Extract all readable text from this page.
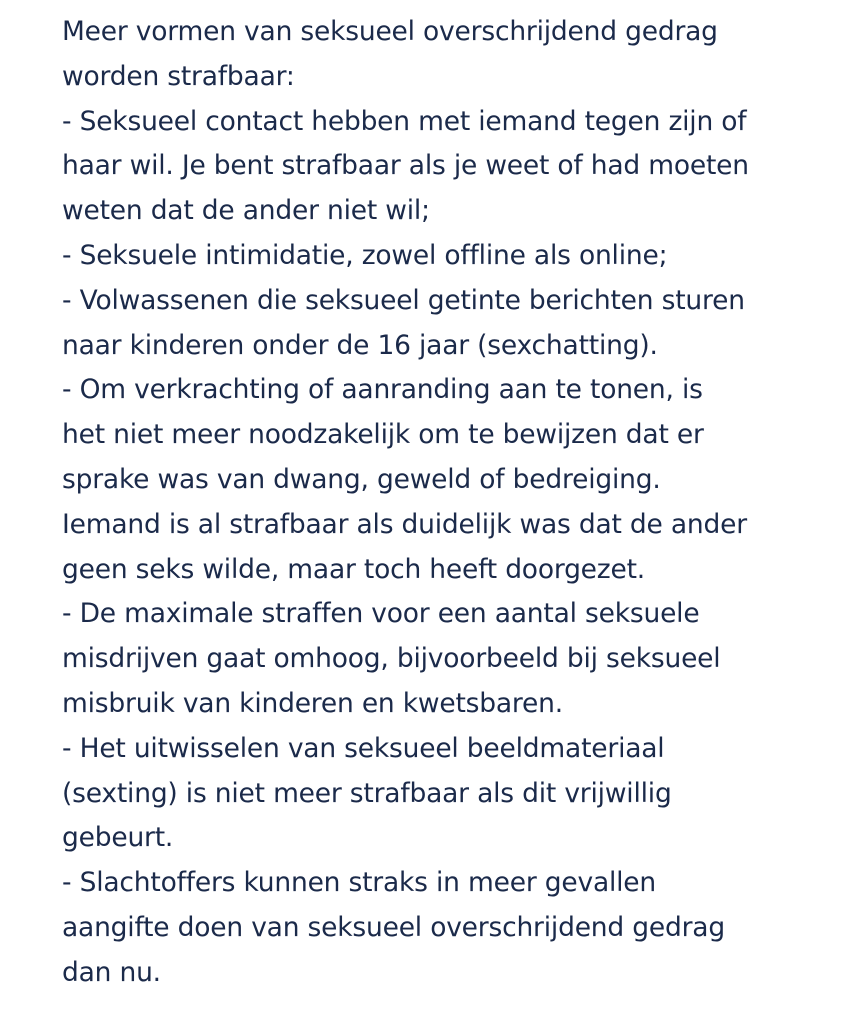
Meer vormen van seksueel overschrijdend gedrag
worden strafbaar:
- Seksueel contact hebben met iemand tegen zijn of
haar wil. Je bent strafbaar als je weet of had moeten
weten dat de ander niet wil;
- Seksuele intimidatie, zowel offline als online;
- Volwassenen die seksueel getinte berichten sturen
naar kinderen onder de 16 jaar (sexchatting).
- Om verkrachting of aanranding aan te tonen, is
het niet meer noodzakelijk om te bewijzen dat er
sprake was van dwang, geweld of bedreiging.
Iemand is al strafbaar als duidelijk was dat de ander
geen seks wilde, maar toch heeft doorgezet.
- De maximale straffen voor een aantal seksuele
misdrijven gaat omhoog, bijvoorbeeld bij seksueel
misbruik van kinderen en kwetsbaren.
- Het uitwisselen van seksueel beeldmateriaal
(sexting) is niet meer strafbaar als dit vrijwillig
gebeurt.
- Slachtoffers kunnen straks in meer gevallen
aangifte doen van seksueel overschrijdend gedrag
dan nu.
